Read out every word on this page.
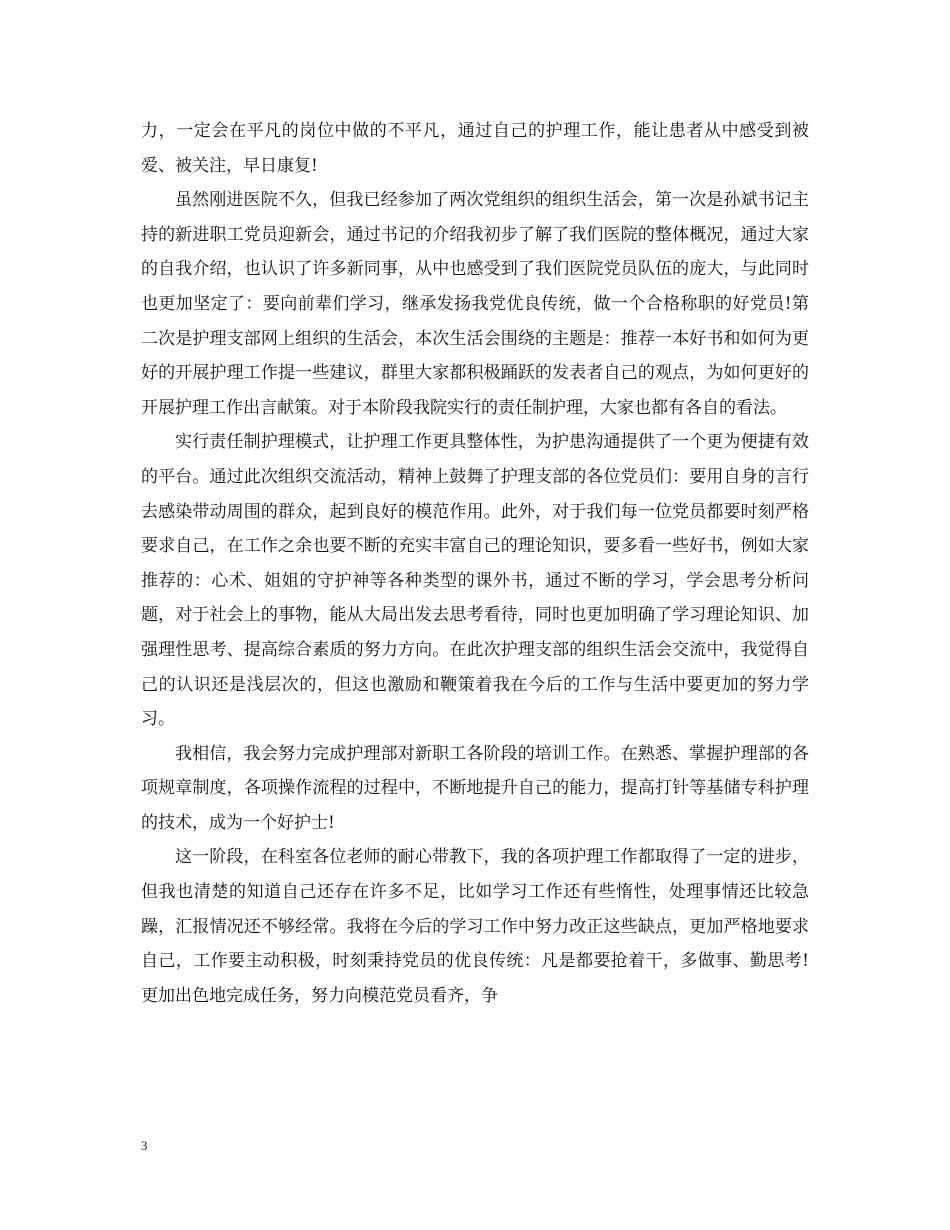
力，一定会在平凡的岗位中做的不平凡，通过自己的护理工作，能让患者从中感受到被爱、被关注，早日康复!

虽然刚进医院不久，但我已经参加了两次党组织的组织生活会，第一次是孙斌书记主持的新进职工党员迎新会，通过书记的介绍我初步了解了我们医院的整体概况，通过大家的自我介绍，也认识了许多新同事，从中也感受到了我们医院党员队伍的庞大，与此同时也更加坚定了：要向前辈们学习，继承发扬我党优良传统，做一个合格称职的好党员!第二次是护理支部网上组织的生活会，本次生活会围绕的主题是：推荐一本好书和如何为更好的开展护理工作提一些建议，群里大家都积极踊跃的发表者自己的观点，为如何更好的开展护理工作出言献策。对于本阶段我院实行的责任制护理，大家也都有各自的看法。

实行责任制护理模式，让护理工作更具整体性，为护患沟通提供了一个更为便捷有效的平台。通过此次组织交流活动，精神上鼓舞了护理支部的各位党员们：要用自身的言行去感染带动周围的群众，起到良好的模范作用。此外，对于我们每一位党员都要时刻严格要求自己，在工作之余也要不断的充实丰富自己的理论知识，要多看一些好书，例如大家推荐的：心术、姐姐的守护神等各种类型的课外书，通过不断的学习，学会思考分析问题，对于社会上的事物，能从大局出发去思考看待，同时也更加明确了学习理论知识、加强理性思考、提高综合素质的努力方向。在此次护理支部的组织生活会交流中，我觉得自己的认识还是浅层次的，但这也激励和鞭策着我在今后的工作与生活中要更加的努力学习。

我相信，我会努力完成护理部对新职工各阶段的培训工作。在熟悉、掌握护理部的各项规章制度，各项操作流程的过程中，不断地提升自己的能力，提高打针等基储专科护理的技术，成为一个好护士!

这一阶段，在科室各位老师的耐心带教下，我的各项护理工作都取得了一定的进步，但我也清楚的知道自己还存在许多不足，比如学习工作还有些惰性，处理事情还比较急躁，汇报情况还不够经常。我将在今后的学习工作中努力改正这些缺点，更加严格地要求自己，工作要主动积极，时刻秉持党员的优良传统：凡是都要抢着干，多做事、勤思考!更加出色地完成任务，努力向模范党员看齐，争

3
